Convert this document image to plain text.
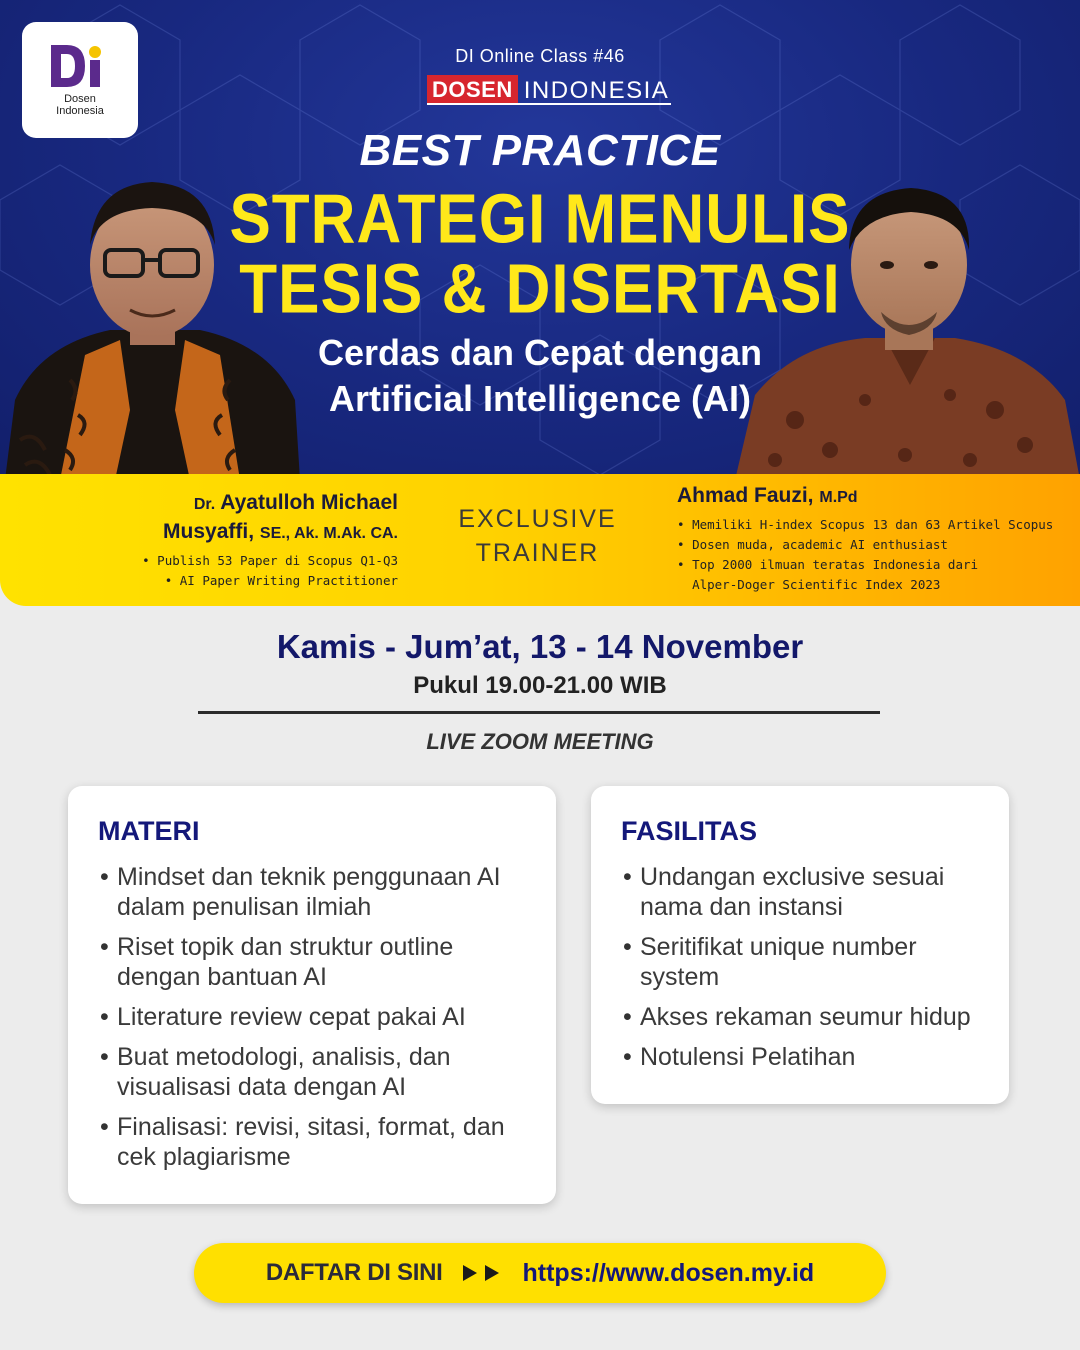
Dosen
Indonesia
DI Online Class #46
DOSEN INDONESIA
BEST PRACTICE
STRATEGI MENULIS
TESIS & DISERTASI
Cerdas dan Cepat dengan
Artificial Intelligence (AI)
Dr. Ayatulloh Michael
Musyaffi, SE., Ak. M.Ak. CA.
• Publish 53 Paper di Scopus Q1-Q3
• AI Paper Writing Practitioner
EXCLUSIVE
TRAINER
Ahmad Fauzi, M.Pd
• Memiliki H-index Scopus 13 dan 63 Artikel Scopus
• Dosen muda, academic AI enthusiast
• Top 2000 ilmuan teratas Indonesia dari
Alper-Doger Scientific Index 2023
Kamis - Jum’at, 13 - 14 November
Pukul 19.00-21.00 WIB
LIVE ZOOM MEETING
MATERI
• Mindset dan teknik penggunaan AI
dalam penulisan ilmiah
• Riset topik dan struktur outline
dengan bantuan AI
• Literature review cepat pakai AI
• Buat metodologi, analisis, dan
visualisasi data dengan AI
• Finalisasi: revisi, sitasi, format, dan
cek plagiarisme
FASILITAS
• Undangan exclusive sesuai
nama dan instansi
• Seritifikat unique number
system
• Akses rekaman seumur hidup
• Notulensi Pelatihan
DAFTAR DI SINI	https://www.dosen.my.id
